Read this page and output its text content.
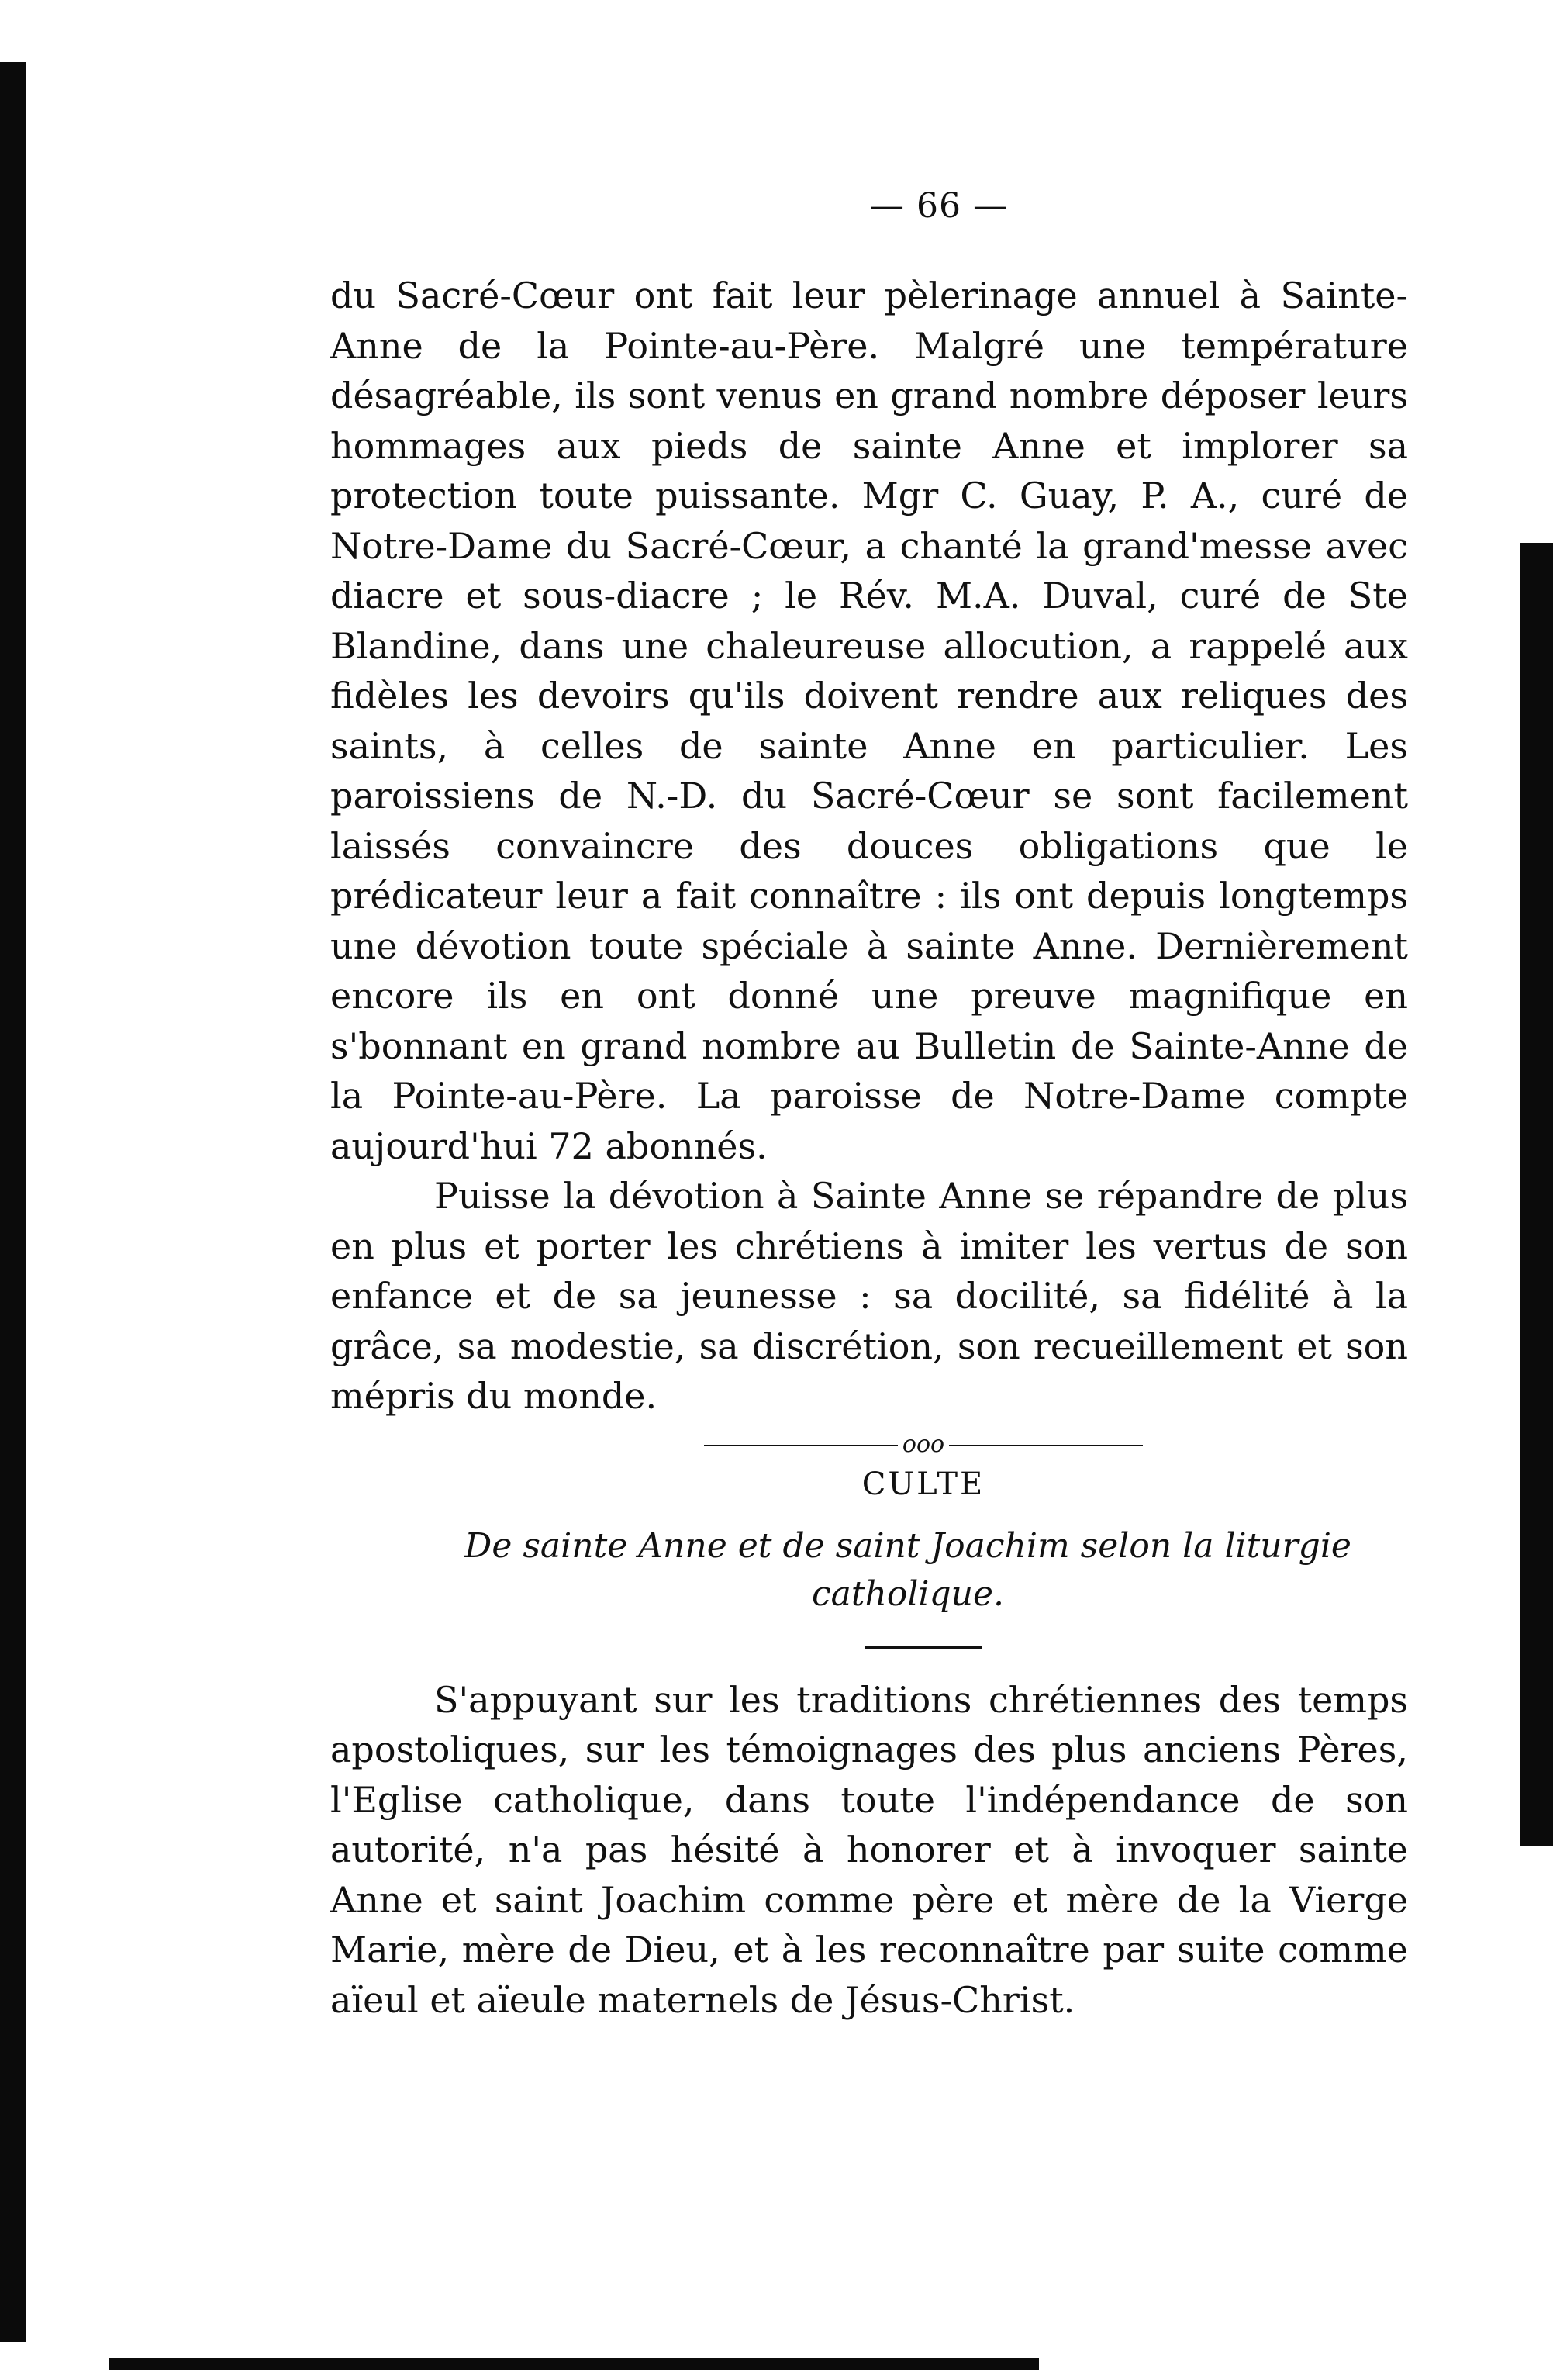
— 66 —

du Sacré-Cœur ont fait leur pèlerinage annuel à Sainte-Anne de la Pointe-au-Père. Malgré une température désagréable, ils sont venus en grand nombre déposer leurs hommages aux pieds de sainte Anne et implorer sa protection toute puissante. Mgr C. Guay, P. A., curé de Notre-Dame du Sacré-Cœur, a chanté la grand'messe avec diacre et sous-diacre ; le Rév. M.A. Duval, curé de Ste Blandine, dans une chaleureuse allocution, a rappelé aux fidèles les devoirs qu'ils doivent rendre aux reliques des saints, à celles de sainte Anne en particulier. Les paroissiens de N.-D. du Sacré-Cœur se sont facilement laissés convaincre des douces obligations que le prédicateur leur a fait connaître : ils ont depuis longtemps une dévotion toute spéciale à sainte Anne. Dernièrement encore ils en ont donné une preuve magnifique en s'bonnant en grand nombre au Bulletin de Sainte-Anne de la Pointe-au-Père. La paroisse de Notre-Dame compte aujourd'hui 72 abonnés.

Puisse la dévotion à Sainte Anne se répandre de plus en plus et porter les chrétiens à imiter les vertus de son enfance et de sa jeunesse : sa docilité, sa fidélité à la grâce, sa modestie, sa discrétion, son recueillement et son mépris du monde.

ooo
CULTE

De sainte Anne et de saint Joachim selon la liturgie catholique.

S'appuyant sur les traditions chrétiennes des temps apostoliques, sur les témoignages des plus anciens Pères, l'Eglise catholique, dans toute l'indépendance de son autorité, n'a pas hésité à honorer et à invoquer sainte Anne et saint Joachim comme père et mère de la Vierge Marie, mère de Dieu, et à les reconnaître par suite comme aïeul et aïeule maternels de Jésus-Christ.
